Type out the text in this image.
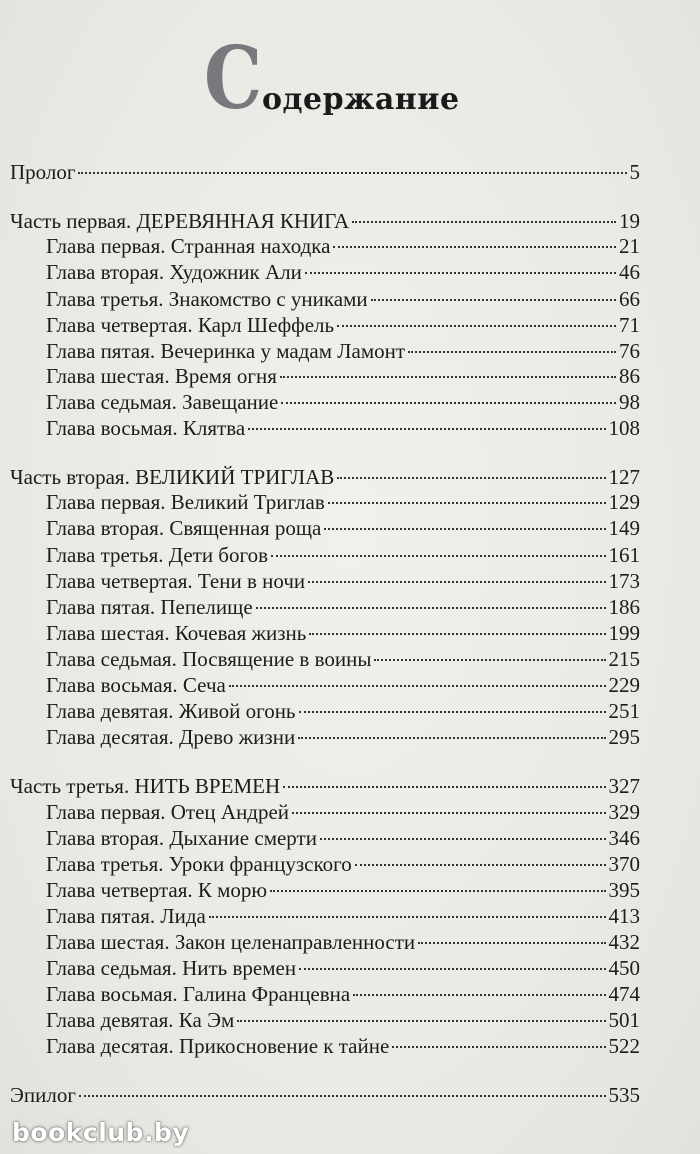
С одержание
Пролог	5
Часть первая. ДЕРЕВЯННАЯ КНИГА	19
Глава первая. Странная находка	21
Глава вторая. Художник Али	46
Глава третья. Знакомство с униками	66
Глава четвертая. Карл Шеффель	71
Глава пятая. Вечеринка у мадам Ламонт	76
Глава шестая. Время огня	86
Глава седьмая. Завещание	98
Глава восьмая. Клятва	108
Часть вторая. ВЕЛИКИЙ ТРИГЛАВ	127
Глава первая. Великий Триглав	129
Глава вторая. Священная роща	149
Глава третья. Дети богов	161
Глава четвертая. Тени в ночи	173
Глава пятая. Пепелище	186
Глава шестая. Кочевая жизнь	199
Глава седьмая. Посвящение в воины	215
Глава восьмая. Сеча	229
Глава девятая. Живой огонь	251
Глава десятая. Древо жизни	295
Часть третья. НИТЬ ВРЕМЕН	327
Глава первая. Отец Андрей	329
Глава вторая. Дыхание смерти	346
Глава третья. Уроки французского	370
Глава четвертая. К морю	395
Глава пятая. Лида	413
Глава шестая. Закон целенаправленности	432
Глава седьмая. Нить времен	450
Глава восьмая. Галина Францевна	474
Глава девятая. Ка Эм	501
Глава десятая. Прикосновение к тайне	522
Эпилог	535
bookclub.by
